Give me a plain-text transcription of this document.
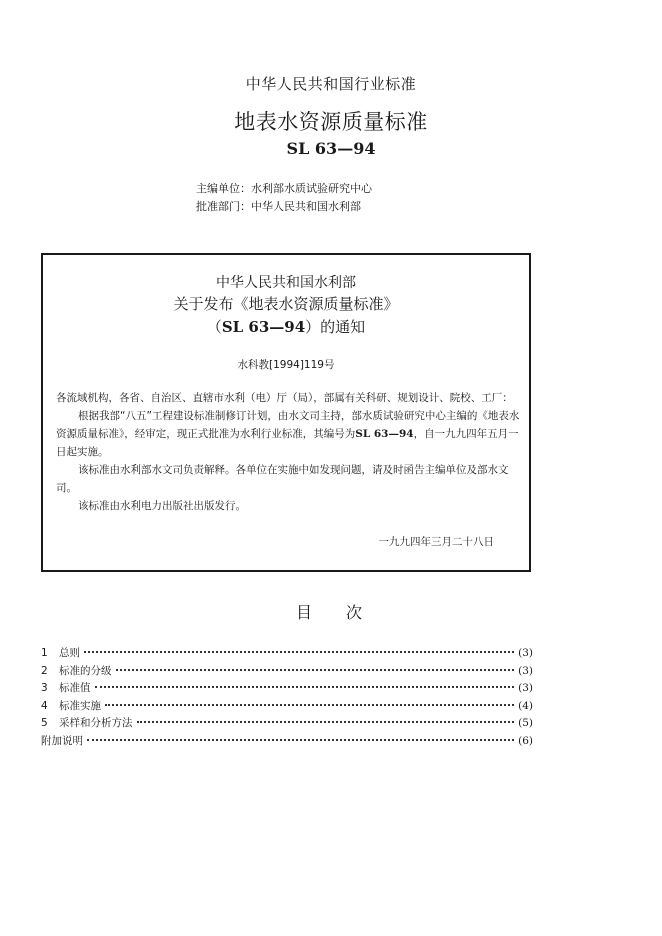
中华人民共和国行业标准
地表水资源质量标准
SL 63—94
主编单位：水利部水质试验研究中心
批准部门：中华人民共和国水利部
中华人民共和国水利部
关于发布《地表水资源质量标准》
（SL 63—94）的通知
水科教[1994]119号

各流域机构，各省、自治区、直辖市水利（电）厅（局），部属有关科研、规划设计、院校、工厂：

根据我部“八五”工程建设标准制修订计划，由水文司主持，部水质试验研究中心主编的《地表水资源质量标准》，经审定，现正式批准为水利行业标准，其编号为SL 63—94，自一九九四年五月一日起实施。

该标准由水利部水文司负责解释。各单位在实施中如发现问题，请及时函告主编单位及部水文司。

该标准由水利电力出版社出版发行。

一九九四年三月二十八日
目次
1	总则	(3)
2	标准的分级	(3)
3	标准值	(3)
4	标准实施	(4)
5	采样和分析方法	(5)
附加说明	(6)
